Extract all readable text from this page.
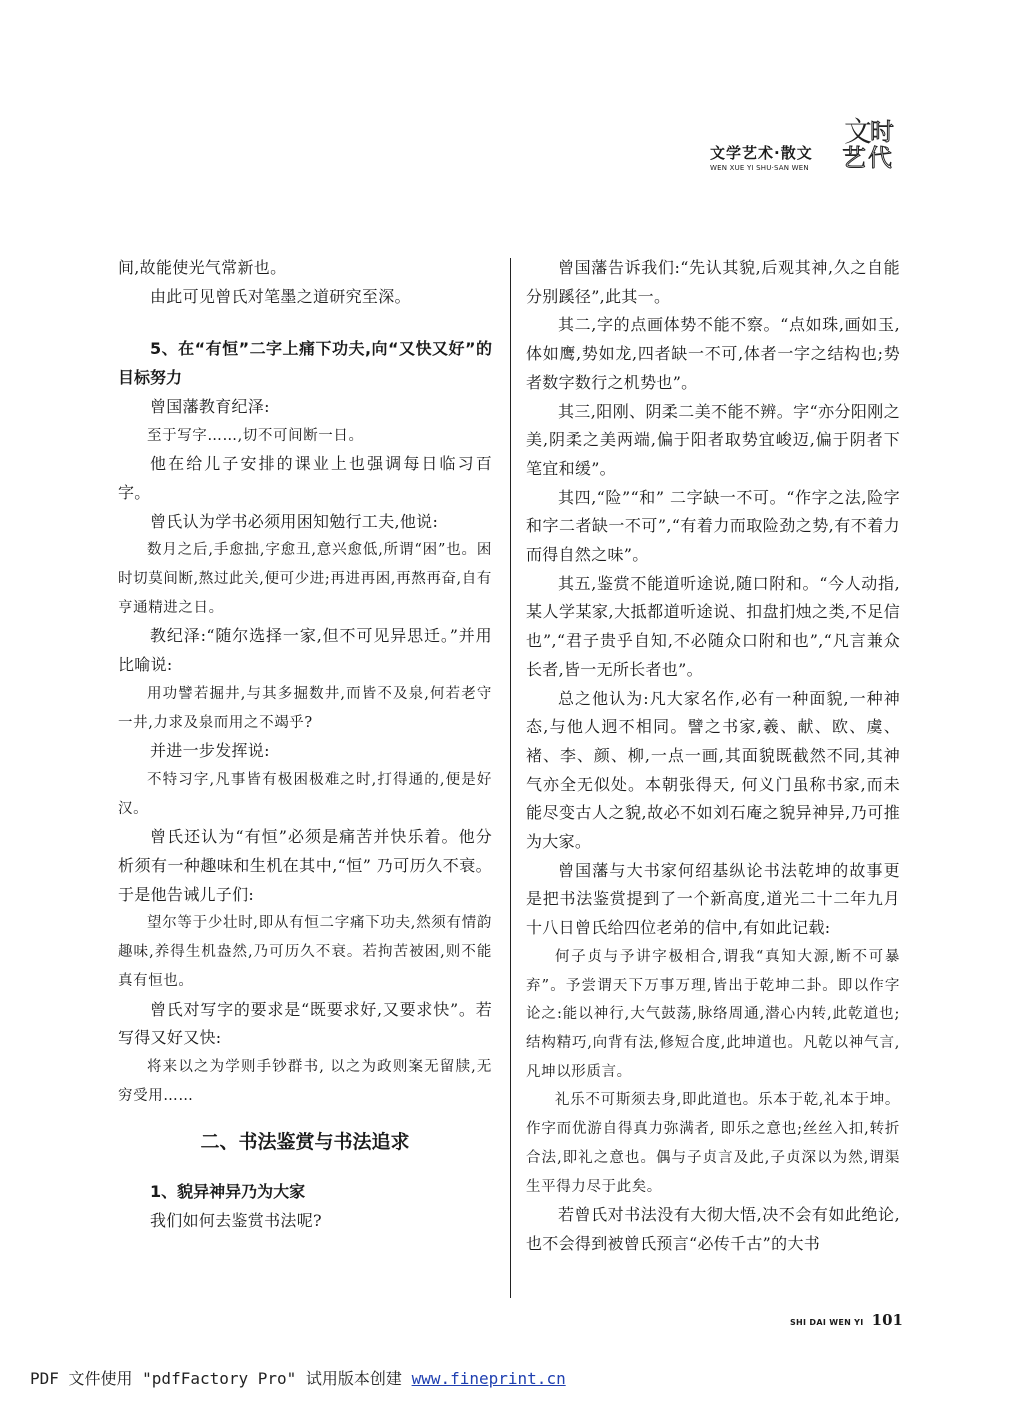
文学艺术·散文
WEN XUE YI SHU·SAN WEN
文
时
艺 代
间,故能使光气常新也。
由此可见曾氏对笔墨之道研究至深。
5、在“有恒”二字上痛下功夫,向“又快又好”的目标努力
曾国藩教育纪泽:
至于写字……,切不可间断一日。
他在给儿子安排的课业上也强调每日临习百字。
曾氏认为学书必须用困知勉行工夫,他说:
数月之后,手愈拙,字愈丑,意兴愈低,所谓“困”也。困时切莫间断,熬过此关,便可少进;再进再困,再熬再奋,自有亨通精进之日。
教纪泽:“随尔选择一家,但不可见异思迁。”并用比喻说:
用功譬若掘井,与其多掘数井,而皆不及泉,何若老守一井,力求及泉而用之不竭乎?
并进一步发挥说:
不特习字,凡事皆有极困极难之时,打得通的,便是好汉。
曾氏还认为“有恒”必须是痛苦并快乐着。他分析须有一种趣味和生机在其中,“恒” 乃可历久不衰。于是他告诫儿子们:
望尔等于少壮时,即从有恒二字痛下功夫,然须有情韵趣味,养得生机盎然,乃可历久不衰。若拘苦被困,则不能真有恒也。
曾氏对写字的要求是“既要求好,又要求快”。若写得又好又快:
将来以之为学则手钞群书, 以之为政则案无留牍,无穷受用……
二、书法鉴赏与书法追求
1、貌异神异乃为大家
我们如何去鉴赏书法呢?
曾国藩告诉我们:“先认其貌,后观其神,久之自能分别蹊径”,此其一。
其二,字的点画体势不能不察。“点如珠,画如玉,体如鹰,势如龙,四者缺一不可,体者一字之结构也;势者数字数行之机势也”。
其三,阳刚、阴柔二美不能不辨。字“亦分阳刚之美,阴柔之美两端,偏于阳者取势宜峻迈,偏于阴者下笔宜和缓”。
其四,“险”“和” 二字缺一不可。“作字之法,险字和字二者缺一不可”,“有着力而取险劲之势,有不着力而得自然之味”。
其五,鉴赏不能道听途说,随口附和。“今人动指,某人学某家,大抵都道听途说、扣盘扪烛之类,不足信也”,“君子贵乎自知,不必随众口附和也”,“凡言兼众长者,皆一无所长者也”。
总之他认为:凡大家名作,必有一种面貌,一种神态,与他人迥不相同。譬之书家,羲、献、欧、虞、褚、李、颜、柳,一点一画,其面貌既截然不同,其神气亦全无似处。本朝张得天, 何义门虽称书家,而未能尽变古人之貌,故必不如刘石庵之貌异神异,乃可推为大家。
曾国藩与大书家何绍基纵论书法乾坤的故事更是把书法鉴赏提到了一个新高度,道光二十二年九月十八日曾氏给四位老弟的信中,有如此记载:
何子贞与予讲字极相合,谓我“真知大源,断不可暴弃”。予尝谓天下万事万理,皆出于乾坤二卦。即以作字论之:能以神行,大气鼓荡,脉络周通,潜心内转,此乾道也;结构精巧,向背有法,修短合度,此坤道也。凡乾以神气言,凡坤以形质言。
礼乐不可斯须去身,即此道也。乐本于乾,礼本于坤。作字而优游自得真力弥满者, 即乐之意也;丝丝入扣,转折合法,即礼之意也。偶与子贞言及此,子贞深以为然,谓渠生平得力尽于此矣。
若曾氏对书法没有大彻大悟,决不会有如此绝论,也不会得到被曾氏预言“必传千古”的大书
SHI DAI WEN YI 101
PDF 文件使用 "pdfFactory Pro" 试用版本创建 www.fineprint.cn
